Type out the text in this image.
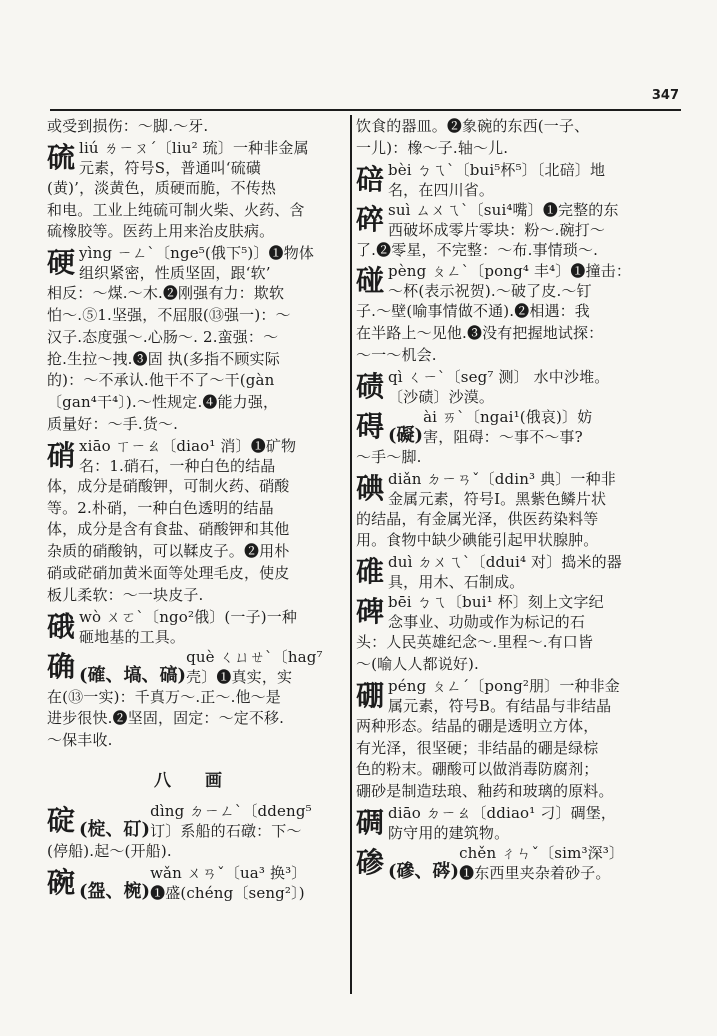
347
或受到损伤：～脚.～牙.
硫 liú ㄌㄧㄡˊ〔liu² 琉〕一种非金属
元素，符号S，普通叫‘硫磺
(黄)’，淡黄色，质硬而脆，不传热
和电。工业上纯硫可制火柴、火药、含
硫橡胶等。医药上用来治皮肤病。
硬 yìng ㄧㄥˋ〔nge⁵(俄下⁵)〕❶物体
组织紧密，性质坚固，跟‘软’
相反：～煤.～木.❷刚强有力：欺软
怕～.⑤1.坚强，不屈服(⑬强一)：～
汉子.态度强～.心肠～. 2.蛮强：～
抢.生拉～拽.❸固 执(多指不顾实际
的)：～不承认.他干不了～干(gàn
〔gan⁴干⁴〕).～性规定.❹能力强，
质量好：～手.货～.
硝 xiāo ㄒㄧㄠ〔diao¹ 消〕❶矿物
名：1.硝石，一种白色的结晶
体，成分是硝酸钾，可制火药、硝酸
等。2.朴硝，一种白色透明的结晶
体，成分是含有食盐、硝酸钾和其他
杂质的硝酸钠，可以鞣皮子。❷用朴
硝或硭硝加黄米面等处理毛皮，使皮
板儿柔软：～一块皮子.
硪 wò ㄨㄛˋ〔ngo²俄〕(一子)一种
砸地基的工具。
确 (確、塙、碻)
què ㄑㄩㄝˋ〔hag⁷
壳〕❶真实，实
在(⑬一实)：千真万～.正～.他～是
进步很快.❷坚固，固定：～定不移.
～保丰收.
八 画
碇 (椗、矴)
dìng ㄉㄧㄥˋ〔ddeng⁵
订〕系船的石礅：下～
(停船).起～(开船).
碗 (盌、椀)
wǎn ㄨㄢˇ〔ua³ 换³〕
❶盛(chéng〔seng²〕)
饮食的器皿。❷象碗的东西(一子、
一儿)：橡～子.轴～儿.
碚 bèi ㄅㄟˋ〔bui⁵杯⁵〕〔北碚〕地
名，在四川省。
碎 suì ㄙㄨㄟˋ〔sui⁴嘴〕❶完整的东
西破坏成零片零块：粉～.碗打～
了.❷零星，不完整：～布.事情琐～.
碰 pèng ㄆㄥˋ〔pong⁴ 丰⁴〕❶撞击：
～杯(表示祝贺).～破了皮.～钉
子.～壁(喻事情做不通).❷相遇：我
在半路上～见他.❸没有把握地试探：
～一～机会.
碛 qì ㄑㄧˋ〔seg⁷ 测〕 水中沙堆。
〔沙碛〕沙漠。
碍 (礙)
ài ㄞˋ〔ngai¹(俄哀)〕妨
害，阻碍：～事不～事?
～手～脚.
碘 diǎn ㄉㄧㄢˇ〔ddin³ 典〕一种非
金属元素，符号I。黑紫色鳞片状
的结晶，有金属光泽，供医药染料等
用。食物中缺少碘能引起甲状腺肿。
碓 duì ㄉㄨㄟˋ〔ddui⁴ 对〕捣米的器
具，用木、石制成。
碑 bēi ㄅㄟ〔bui¹ 杯〕刻上文字纪
念事业、功勋或作为标记的石
头：人民英雄纪念～.里程～.有口皆
～(喻人人都说好).
硼 péng ㄆㄥˊ〔pong²朋〕一种非金
属元素，符号B。有结晶与非结晶
两种形态。结晶的硼是透明立方体，
有光泽，很坚硬；非结晶的硼是绿棕
色的粉末。硼酸可以做消毒防腐剂；
硼砂是制造珐琅、釉药和玻璃的原料。
碉 diāo ㄉㄧㄠ〔ddiao¹ 刁〕碉堡，
防守用的建筑物。
碜 (磣、硶)
chěn ㄔㄣˇ〔sim³深³〕
❶东西里夹杂着砂子。
